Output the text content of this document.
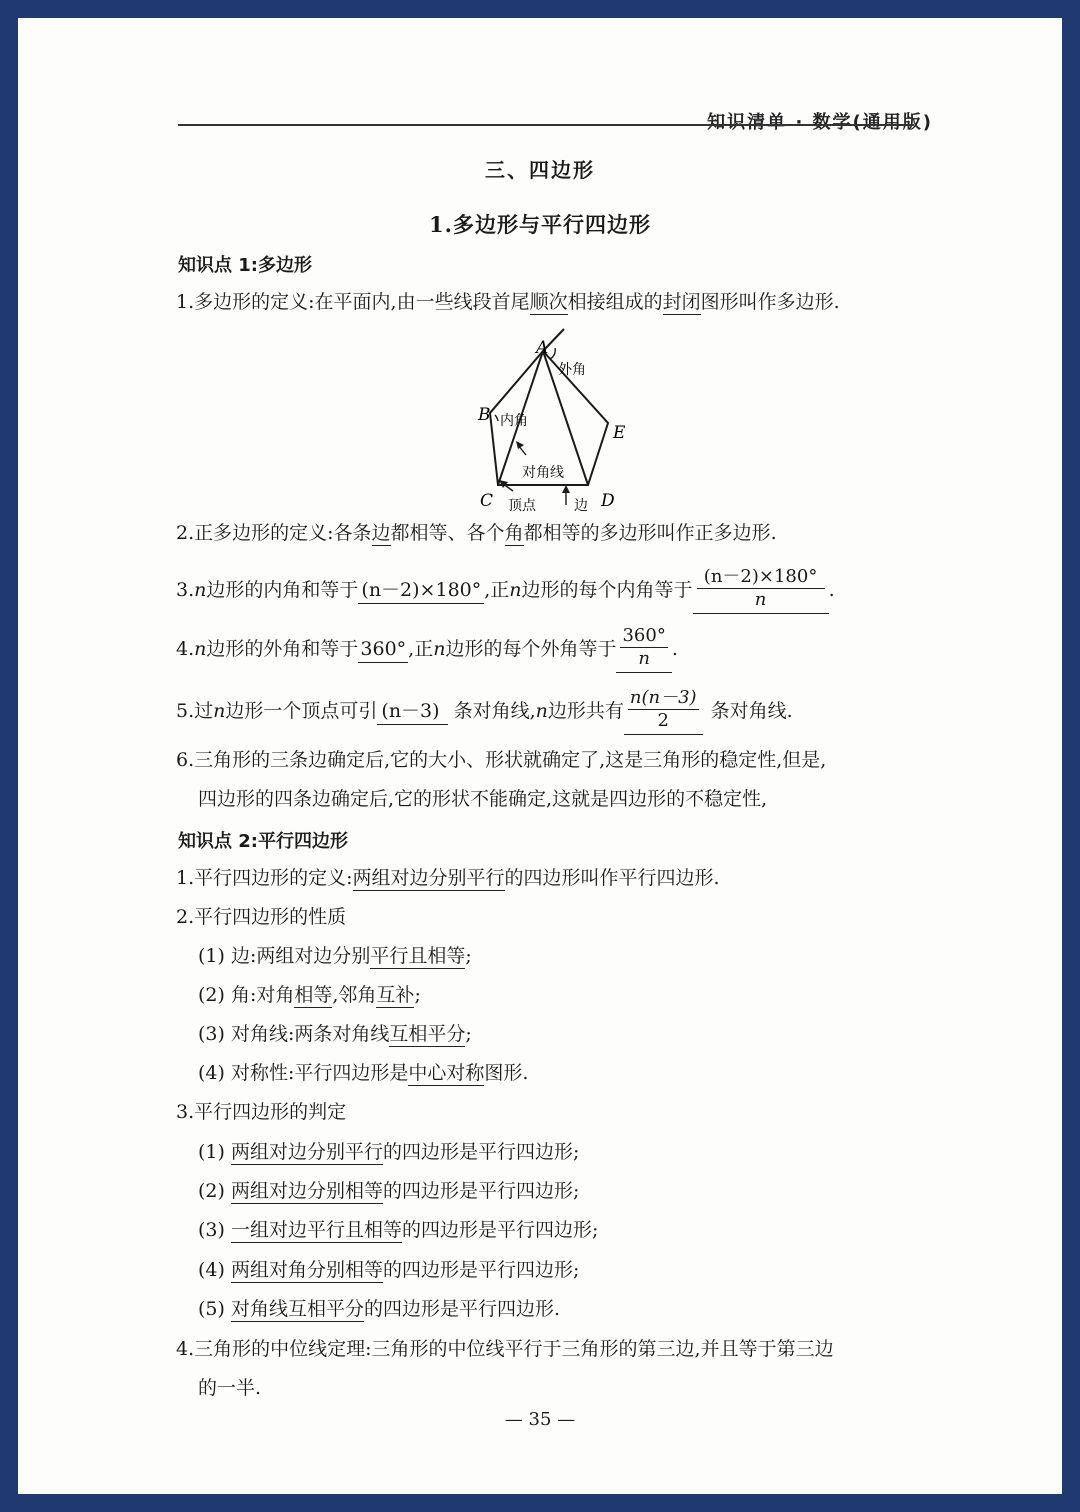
知识清单 · 数学(通用版)
三、四边形
1.多边形与平行四边形
知识点 1:多边形
1.多边形的定义:在平面内,由一些线段首尾顺次相接组成的封闭图形叫作多边形.
A
B
C	D
E
外角
内角
对角线
顶点	边
2.正多边形的定义:各条边都相等、各个角都相等的多边形叫作正多边形.
3. n 边形的内角和等于 (n－2)×180° ,正 n 边形的每个内角等于 $\frac{(n-2)\times 180^\circ}{n}$ .
4. n 边形的外角和等于 360° ,正 n 边形的每个外角等于 $\frac{360^\circ}{n}$ .
5.过 n 边形一个顶点可引 (n－3) 条对角线, n 边形共有 $\frac{n(n-3)}{2}$ 条对角线.
6.三角形的三条边确定后,它的大小、形状就确定了,这是三角形的稳定性,但是,
四边形的四条边确定后,它的形状不能确定,这就是四边形的不稳定性,
知识点 2:平行四边形
1.平行四边形的定义:两组对边分别平行的四边形叫作平行四边形.
2.平行四边形的性质
(1) 边:两组对边分别平行且相等;
(2) 角:对角相等,邻角互补;
(3) 对角线:两条对角线互相平分;
(4) 对称性:平行四边形是中心对称图形.
3.平行四边形的判定
(1) 两组对边分别平行的四边形是平行四边形;
(2) 两组对边分别相等的四边形是平行四边形;
(3) 一组对边平行且相等的四边形是平行四边形;
(4) 两组对角分别相等的四边形是平行四边形;
(5) 对角线互相平分的四边形是平行四边形.
4.三角形的中位线定理:三角形的中位线平行于三角形的第三边,并且等于第三边
的一半.
— 35 —
